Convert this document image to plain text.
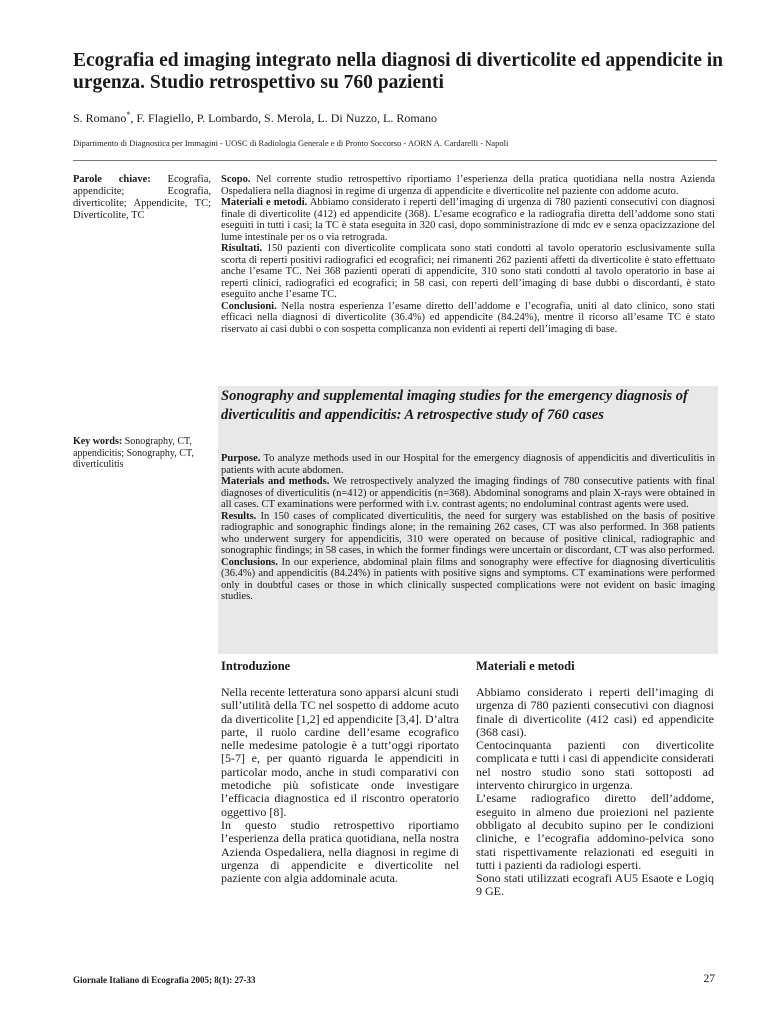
Ecografia ed imaging integrato nella diagnosi di diverticolite ed appendicite in urgenza. Studio retrospettivo su 760 pazienti

S. Romano*, F. Flagiello, P. Lombardo, S. Merola, L. Di Nuzzo, L. Romano

Dipartimento di Diagnostica per Immagini - UOSC di Radiologia Generale e di Pronto Soccorso - AORN A. Cardarelli - Napoli

Parole chiave: Ecografia, appendicite; Ecografia, diverticolite; Appendicite, TC; Diverticolite, TC

Scopo. Nel corrente studio retrospettivo riportiamo l’esperienza della pratica quotidiana nella nostra Azienda Ospedaliera nella diagnosi in regime di urgenza di appendicite e diverticolite nel paziente con addome acuto.

Materiali e metodi. Abbiamo considerato i reperti dell’imaging di urgenza di 780 pazienti consecutivi con diagnosi finale di diverticolite (412) ed appendicite (368). L’esame ecografico e la radiografia diretta dell’addome sono stati eseguiti in tutti i casi; la TC è stata eseguita in 320 casi, dopo somministrazione di mdc ev e senza opacizzazione del lume intestinale per os o via retrograda.

Risultati. 150 pazienti con diverticolite complicata sono stati condotti al tavolo operatorio esclusivamente sulla scorta di reperti positivi radiografici ed ecografici; nei rimanenti 262 pazienti affetti da diverticolite è stato effettuato anche l’esame TC. Nei 368 pazienti operati di appendicite, 310 sono stati condotti al tavolo operatorio in base ai reperti clinici, radiografici ed ecografici; in 58 casi, con reperti dell’imaging di base dubbi o discordanti, è stato eseguito anche l’esame TC.

Conclusioni. Nella nostra esperienza l’esame diretto dell’addome e l’ecografia, uniti al dato clinico, sono stati efficaci nella diagnosi di diverticolite (36.4%) ed appendicite (84.24%), mentre il ricorso all’esame TC è stato riservato ai casi dubbi o con sospetta complicanza non evidenti ai reperti dell’imaging di base.

Key words: Sonography, CT, appendicitis; Sonography, CT, diverticulitis
Sonography and supplemental imaging studies for the emergency diagnosis of diverticulitis and appendicitis: A retrospective study of 760 cases

Purpose. To analyze methods used in our Hospital for the emergency diagnosis of appendicitis and diverticulitis in patients with acute abdomen.

Materials and methods. We retrospectively analyzed the imaging findings of 780 consecutive patients with final diagnoses of diverticulitis (n=412) or appendicitis (n=368). Abdominal sonograms and plain X-rays were obtained in all cases. CT examinations were performed with i.v. contrast agents; no endoluminal contrast agents were used.

Results. In 150 cases of complicated diverticulitis, the need for surgery was established on the basis of positive radiographic and sonographic findings alone; in the remaining 262 cases, CT was also performed. In 368 patients who underwent surgery for appendicitis, 310 were operated on because of positive clinical, radiographic and sonographic findings; in 58 cases, in which the former findings were uncertain or discordant, CT was also performed.

Conclusions. In our experience, abdominal plain films and sonography were effective for diagnosing diverticulitis (36.4%) and appendicitis (84.24%) in patients with positive signs and symptoms. CT examinations were performed only in doubtful cases or those in which clinically suspected complications were not evident on basic imaging studies.

Introduzione

Nella recente letteratura sono apparsi alcuni studi sull’utilità della TC nel sospetto di addome acuto da diverticolite [1,2] ed appendicite [3,4]. D’altra parte, il ruolo cardine dell’esame ecografico nelle medesime patologie è a tutt’oggi riportato [5-7] e, per quanto riguarda le appendiciti in particolar modo, anche in studi comparativi con metodiche più sofisticate onde investigare l’efficacia diagnostica ed il riscontro operatorio oggettivo [8].

In questo studio retrospettivo riportiamo l’esperienza della pratica quotidiana, nella nostra Azienda Ospedaliera, nella diagnosi in regime di urgenza di appendicite e diverticolite nel paziente con algia addominale acuta.

Materiali e metodi

Abbiamo considerato i reperti dell’imaging di urgenza di 780 pazienti consecutivi con diagnosi finale di diverticolite (412 casi) ed appendicite (368 casi).

Centocinquanta pazienti con diverticolite complicata e tutti i casi di appendicite considerati nel nostro studio sono stati sottoposti ad intervento chirurgico in urgenza.

L’esame radiografico diretto dell’addome, eseguito in almeno due proiezioni nel paziente obbligato al decubito supino per le condizioni cliniche, e l’ecografia addomino-pelvica sono stati rispettivamente relazionati ed eseguiti in tutti i pazienti da radiologi esperti.

Sono stati utilizzati ecografi AU5 Esaote e Logiq 9 GE.

Giornale Italiano di Ecografia 2005; 8(1): 27-33	27
